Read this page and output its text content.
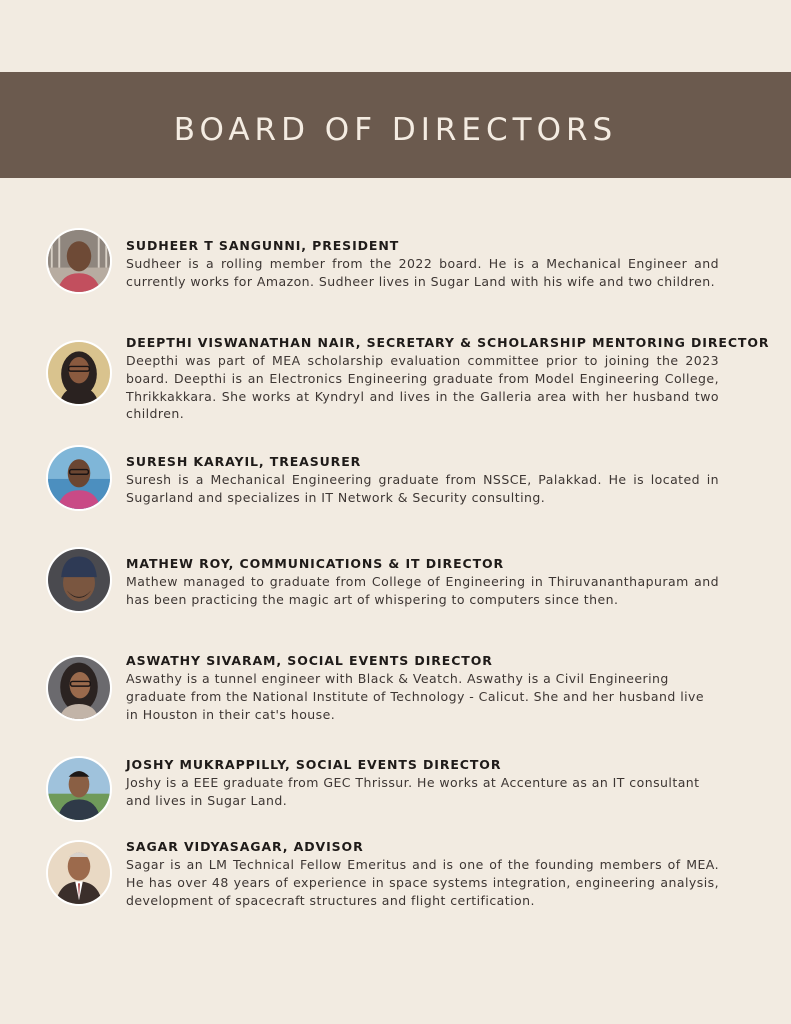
BOARD OF DIRECTORS
SUDHEER T SANGUNNI, PRESIDENT

Sudheer is a rolling member from the 2022 board. He is a Mechanical Engineer and currently works for Amazon. Sudheer lives in Sugar Land with his wife and two children.

DEEPTHI VISWANATHAN NAIR, SECRETARY & SCHOLARSHIP MENTORING DIRECTOR

Deepthi was part of MEA scholarship evaluation committee prior to joining the 2023 board. Deepthi is an Electronics Engineering graduate from Model Engineering College, Thrikkakkara. She works at Kyndryl and lives in the Galleria area with her husband two children.

SURESH KARAYIL, TREASURER

Suresh is a Mechanical Engineering graduate from NSSCE, Palakkad. He is located in Sugarland and specializes in IT Network & Security consulting.

MATHEW ROY, COMMUNICATIONS & IT DIRECTOR

Mathew managed to graduate from College of Engineering in Thiruvananthapuram and has been practicing the magic art of whispering to computers since then.

ASWATHY SIVARAM, SOCIAL EVENTS DIRECTOR

Aswathy is a tunnel engineer with Black & Veatch. Aswathy is a Civil Engineering graduate from the National Institute of Technology - Calicut. She and her husband live in Houston in their cat's house.

JOSHY MUKRAPPILLY, SOCIAL EVENTS DIRECTOR

Joshy is a EEE graduate from GEC Thrissur. He works at Accenture as an IT consultant and lives in Sugar Land.

SAGAR VIDYASAGAR, ADVISOR

Sagar is an LM Technical Fellow Emeritus and is one of the founding members of MEA. He has over 48 years of experience in space systems integration, engineering analysis, development of spacecraft structures and flight certification.
